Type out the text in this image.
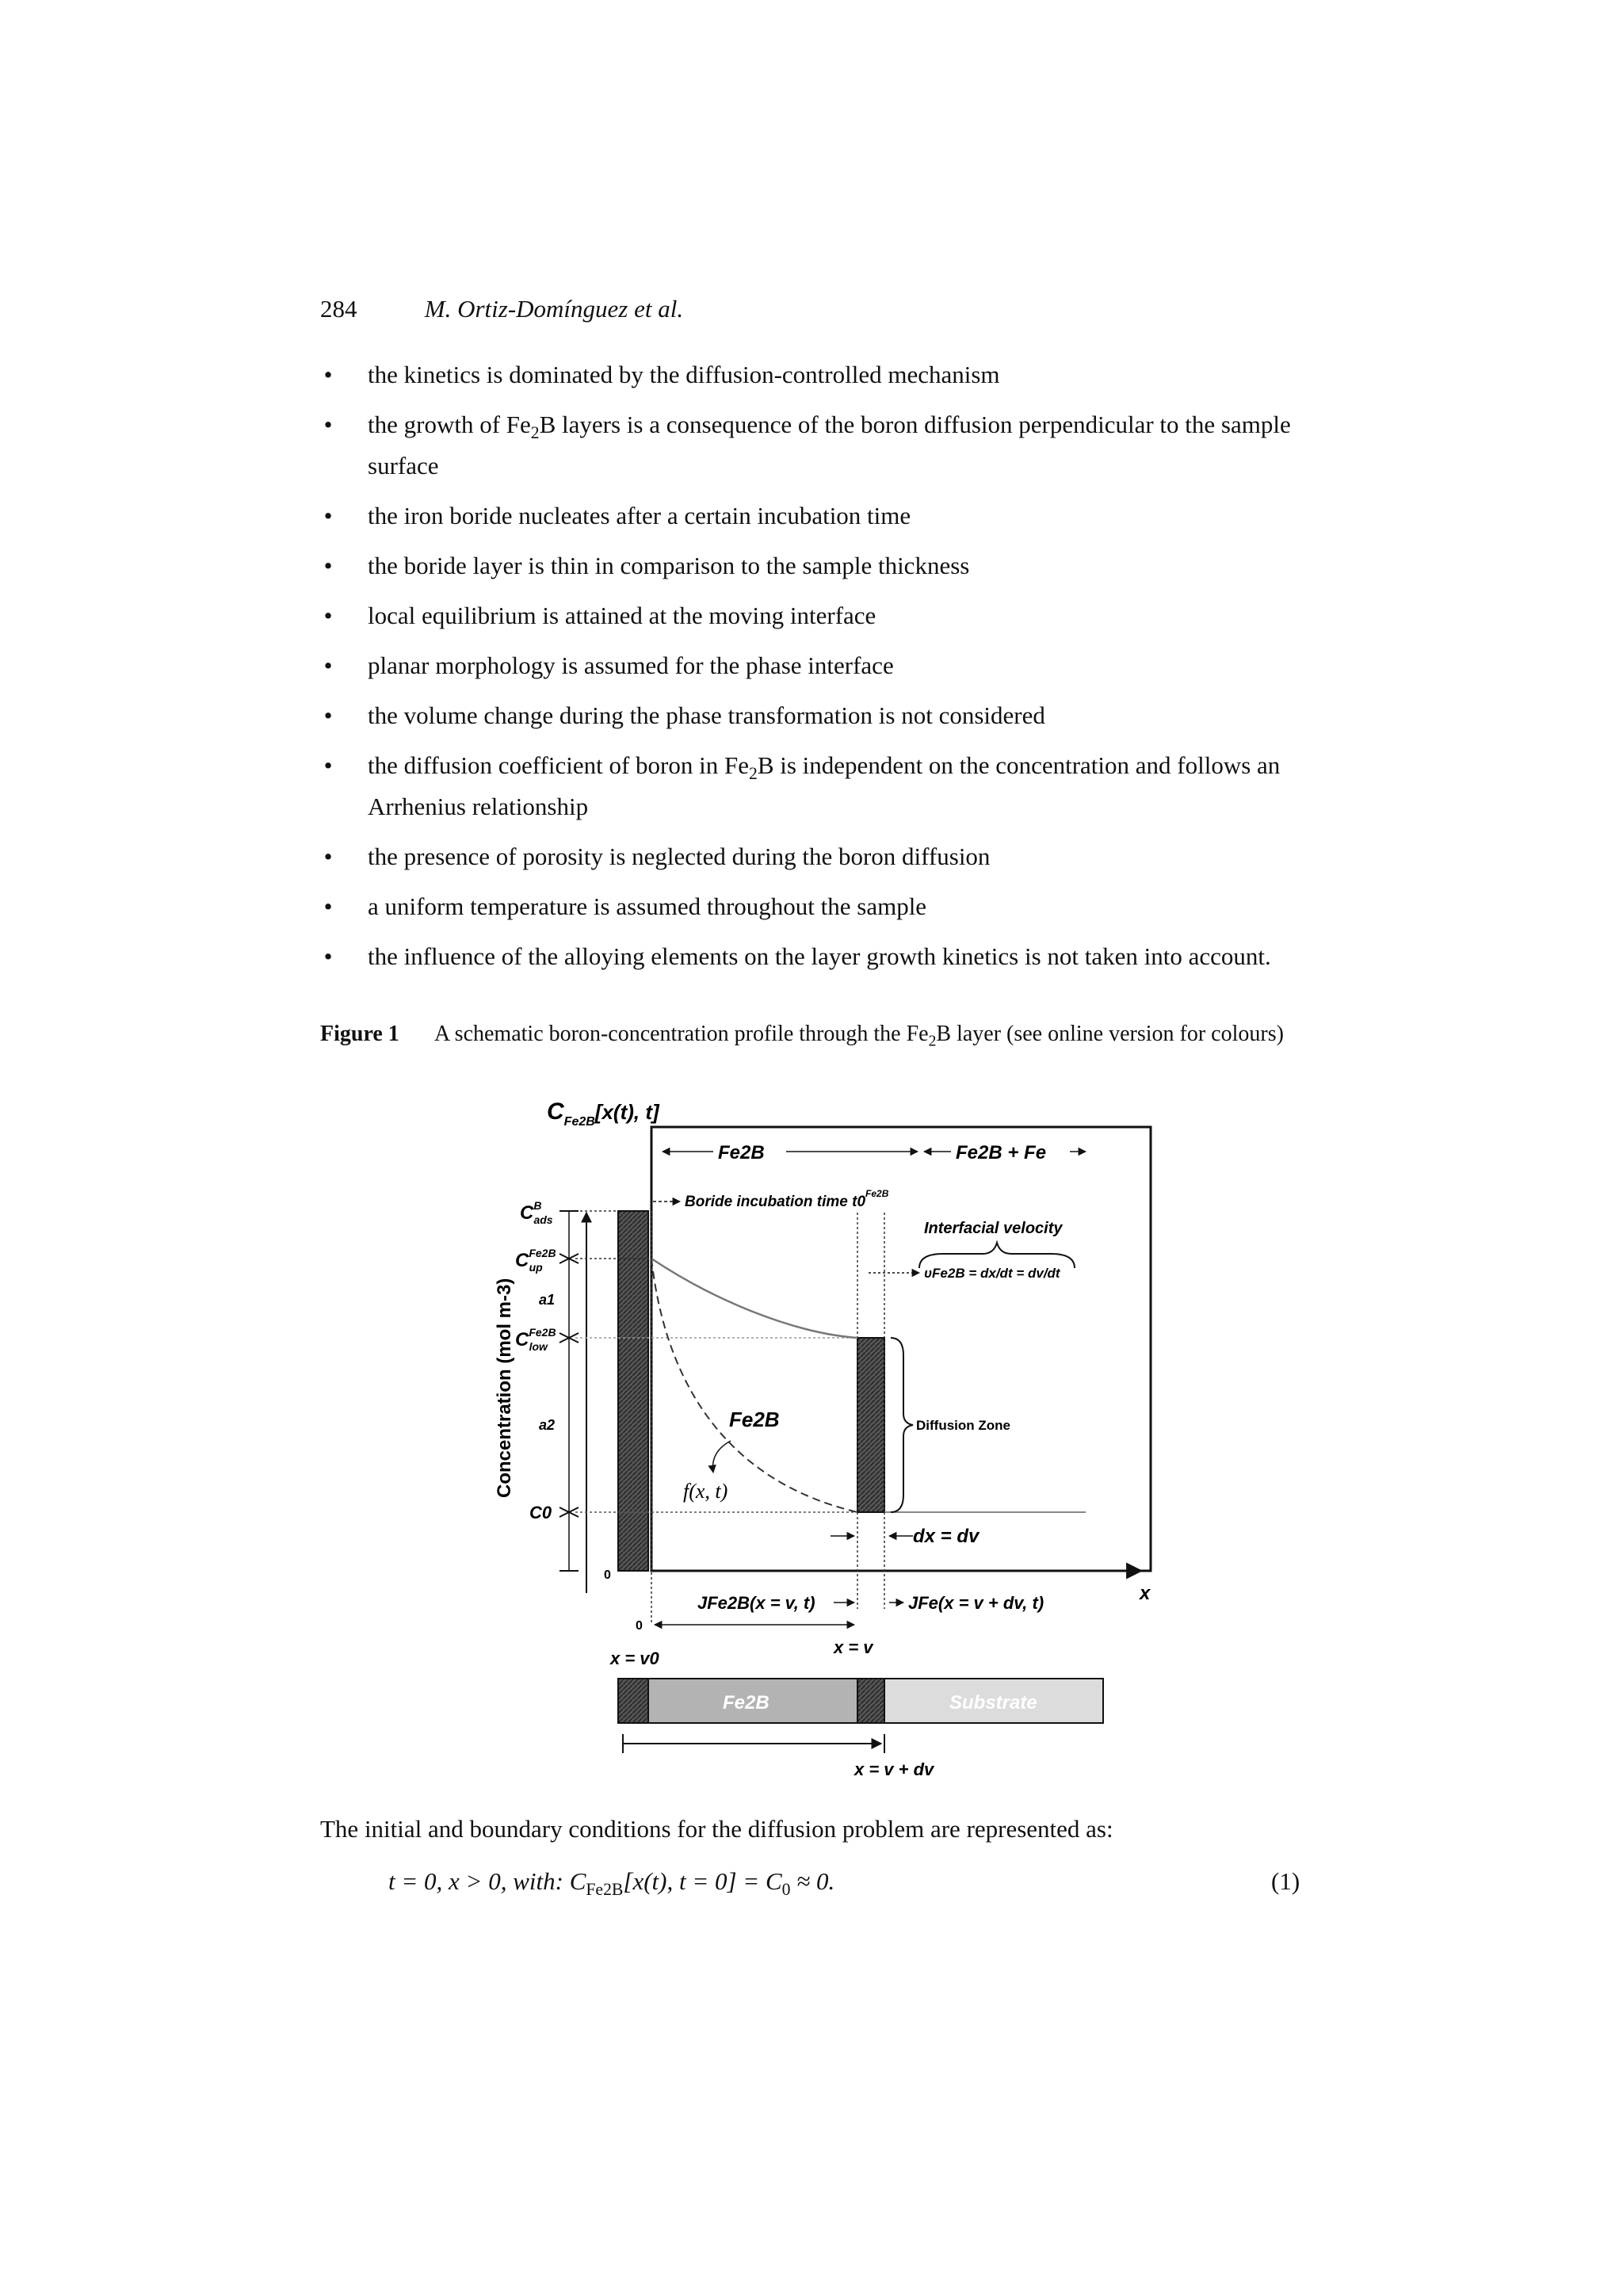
284	M. Ortiz-Domínguez et al.
• the kinetics is dominated by the diffusion-controlled mechanism
• the growth of $Fe_2B$ layers is a consequence of the boron diffusion perpendicular to the sample surface
• the iron boride nucleates after a certain incubation time
• the boride layer is thin in comparison to the sample thickness
• local equilibrium is attained at the moving interface
• planar morphology is assumed for the phase interface
• the volume change during the phase transformation is not considered
• the diffusion coefficient of boron in $Fe_2B$ is independent on the concentration and follows an Arrhenius relationship
• the presence of porosity is neglected during the boron diffusion
• a uniform temperature is assumed throughout the sample
• the influence of the alloying elements on the layer growth kinetics is not taken into account.
Figure 1 A schematic boron-concentration profile through the $Fe_2B$ layer (see online version for colours)
$C_{Fe2B}[x(t)$, t]
x
Concentration (mol m-3)
Fe2B	Fe2B + Fe
Boride incubation time $t0^{Fe2B}$
Interfacial velocity
υFe2B = dx/dt = dv/dt
Diffusion Zone
Fe2B
f(x, t)
$C^B$ ads
$C^{Fe2B}$ up
a1
$C^{Fe2B}$ low
a2
C0
0
dx = dv
0
JFe2B(x = v, t)	JFe(x = v + dv, t)
x = v0
x = v
Fe2B	Substrate
x = v + dv
The initial and boundary conditions for the diffusion problem are represented as:
t = 0, x > 0, with: $C_{Fe2B}[x(t)$, $t = 0] = C_0 \approx 0$.	(1)
